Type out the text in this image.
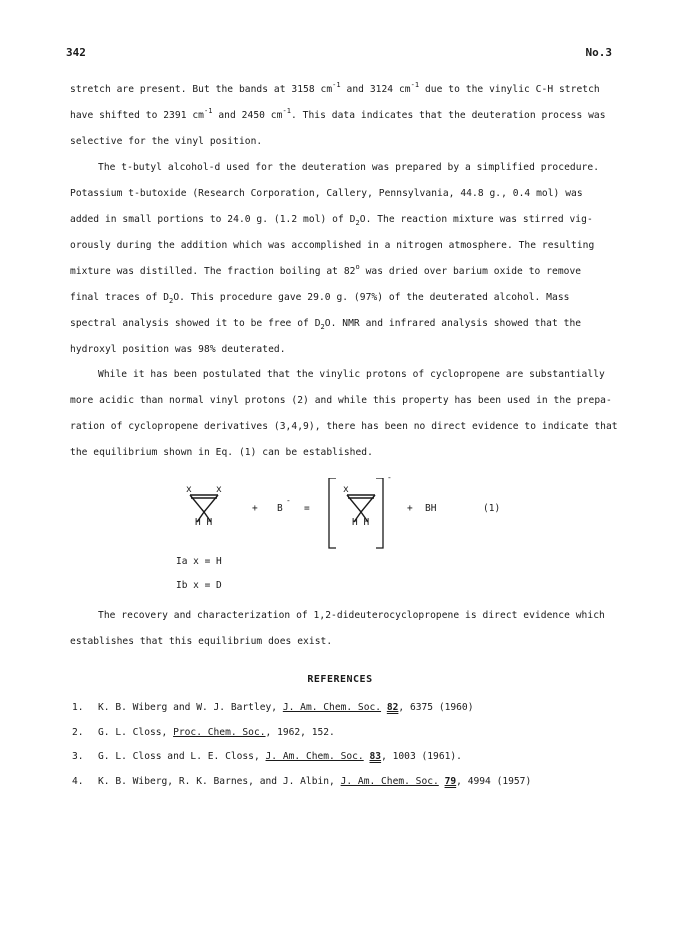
342	No.3

stretch are present. But the bands at 3158 $cm^{-1}$ and 3124 $cm^{-1}$ due to the vinylic C-H stretch

have shifted to 2391 $cm^{-1}$ and 2450 $cm^{-1}$. This data indicates that the deuteration process was

selective for the vinyl position.

The t-butyl alcohol-d used for the deuteration was prepared by a simplified procedure.

Potassium t-butoxide (Research Corporation, Callery, Pennsylvania, 44.8 g., 0.4 mol) was

added in small portions to 24.0 g. (1.2 mol) of $D_2O$. The reaction mixture was stirred vig-

orously during the addition which was accomplished in a nitrogen atmosphere. The resulting

mixture was distilled. The fraction boiling at 82$^o$ was dried over barium oxide to remove

final traces of $D_2O$. This procedure gave 29.0 g. (97%) of the deuterated alcohol. Mass

spectral analysis showed it to be free of $D_2O$. NMR and infrared analysis showed that the

hydroxyl position was 98% deuterated.

While it has been postulated that the vinylic protons of cyclopropene are substantially

more acidic than normal vinyl protons (2) and while this property has been used in the prepa-

ration of cyclopropene derivatives (3,4,9), there has been no direct evidence to indicate that

the equilibrium shown in Eq. (1) can be established.

x	x
H H
+ B
-
=
x
H H
-
+ BH	(1)
Ia x = H
Ib x = D

The recovery and characterization of 1,2-dideuterocyclopropene is direct evidence which

establishes that this equilibrium does exist.

REFERENCES
1. K. B. Wiberg and W. J. Bartley, J. Am. Chem. Soc. 82, 6375 (1960)
2. G. L. Closs, Proc. Chem. Soc., 1962, 152.
3. G. L. Closs and L. E. Closs, J. Am. Chem. Soc. 83, 1003 (1961).
4. K. B. Wiberg, R. K. Barnes, and J. Albin, J. Am. Chem. Soc. 79, 4994 (1957)
